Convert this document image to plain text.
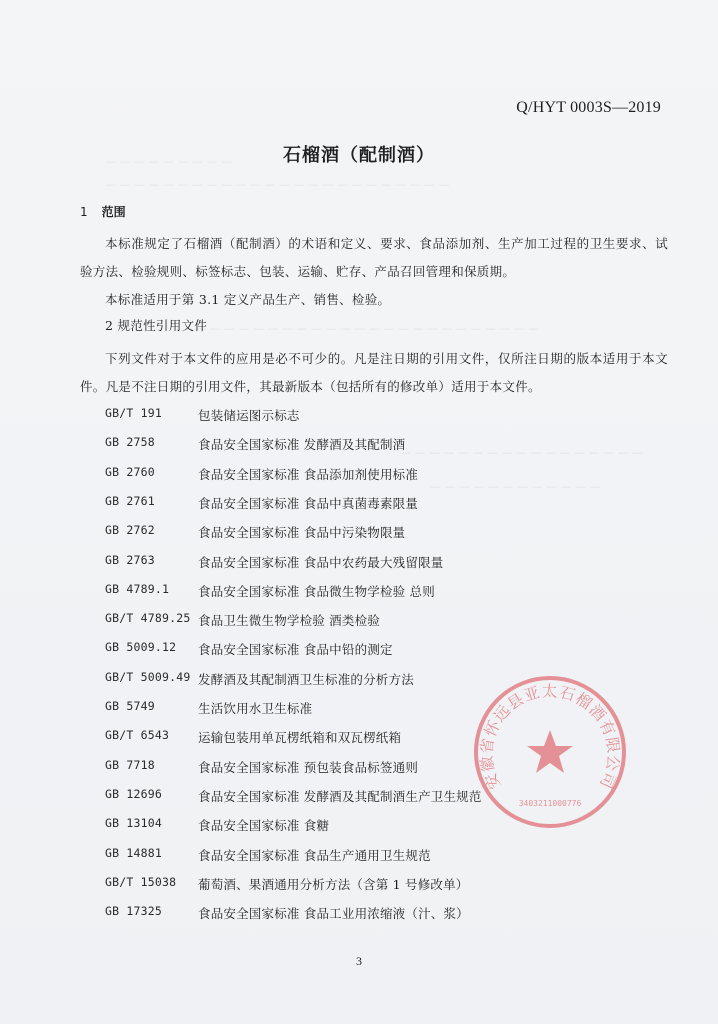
— — — — — — — — —
— — — — — — — — — — — — — — — — — — — — — — — —
— — — — — — — — — — — — — — — — — — — — — — — —
— — — — — — — — — — — — — — — — —
— — — — — — — — — — — —
Q/HYT 0003S—2019
石榴酒（配制酒）
1 范围
本标准规定了石榴酒（配制酒）的术语和定义、要求、食品添加剂、生产加工过程的卫生要求、试验方法、检验规则、标签标志、包装、运输、贮存、产品召回管理和保质期。
本标准适用于第 3.1 定义产品生产、销售、检验。
2 规范性引用文件
下列文件对于本文件的应用是必不可少的。凡是注日期的引用文件，仅所注日期的版本适用于本文件。凡是不注日期的引用文件，其最新版本（包括所有的修改单）适用于本文件。
GB/T 191	包装储运图示标志
GB 2758	食品安全国家标准 发酵酒及其配制酒
GB 2760	食品安全国家标准 食品添加剂使用标准
GB 2761	食品安全国家标准 食品中真菌毒素限量
GB 2762	食品安全国家标准 食品中污染物限量
GB 2763	食品安全国家标准 食品中农药最大残留限量
GB 4789.1	食品安全国家标准 食品微生物学检验 总则
GB/T 4789.25 食品卫生微生物学检验 酒类检验
GB 5009.12	食品安全国家标准 食品中铅的测定
GB/T 5009.49 发酵酒及其配制酒卫生标准的分析方法
GB 5749	生活饮用水卫生标准
GB/T 6543	运输包装用单瓦楞纸箱和双瓦楞纸箱
GB 7718	食品安全国家标准 预包装食品标签通则
GB 12696	食品安全国家标准 发酵酒及其配制酒生产卫生规范
GB 13104	食品安全国家标准 食糖
GB 14881	食品安全国家标准 食品生产通用卫生规范
GB/T 15038	葡萄酒、果酒通用分析方法（含第 1 号修改单）
GB 17325	食品安全国家标准 食品工业用浓缩液（汁、浆）
3
安徽省怀远县亚太石榴酒有限公司
3403211000776
